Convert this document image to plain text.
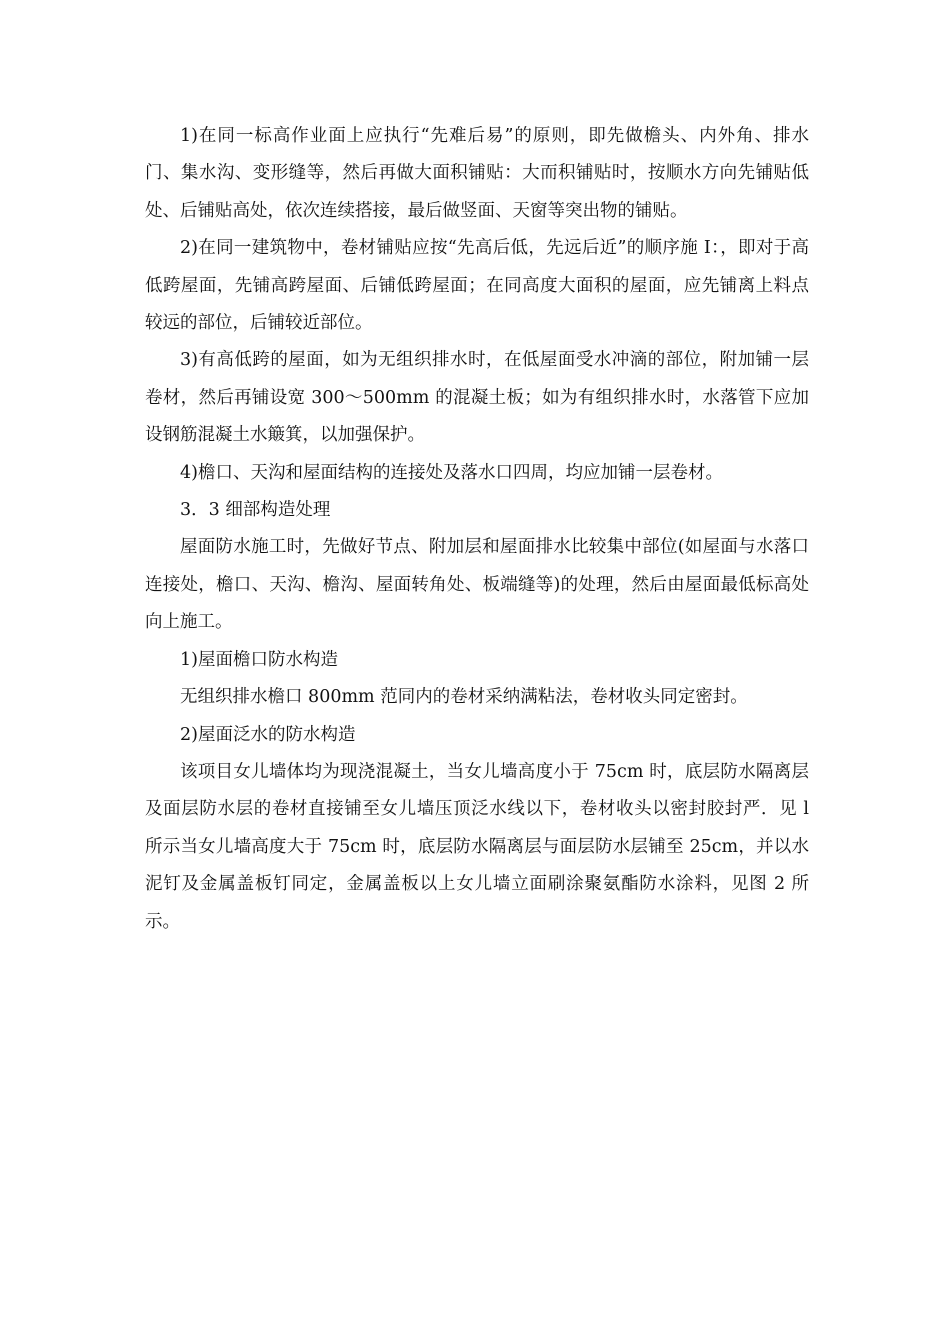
1)在同一标高作业面上应执行“先难后易”的原则，即先做檐头、内外角、排水门、集水沟、变形缝等，然后再做大面积铺贴：大而积铺贴时，按顺水方向先铺贴低处、后铺贴高处，依次连续搭接，最后做竖面、天窗等突出物的铺贴。

2)在同一建筑物中，卷材铺贴应按“先高后低，先远后近”的顺序施 I：，即对于高低跨屋面，先铺高跨屋面、后铺低跨屋面；在同高度大面积的屋面，应先铺离上料点较远的部位，后铺较近部位。

3)有高低跨的屋面，如为无组织排水时，在低屋面受水冲滴的部位，附加铺一层卷材，然后再铺设宽 300～500mm 的混凝土板；如为有组织排水时，水落管下应加设钢筋混凝土水簸箕，以加强保护。

4)檐口、天沟和屋面结构的连接处及落水口四周，均应加铺一层卷材。

3．3 细部构造处理

屋面防水施工时，先做好节点、附加层和屋面排水比较集中部位(如屋面与水落口连接处，檐口、天沟、檐沟、屋面转角处、板端缝等)的处理，然后由屋面最低标高处向上施工。

1)屋面檐口防水构造

无组织排水檐口 800mm 范同内的卷材采纳满粘法，卷材收头同定密封。

2)屋面泛水的防水构造

该项目女儿墙体均为现浇混凝土，当女儿墙高度小于 75cm 时，底层防水隔离层及面层防水层的卷材直接铺至女儿墙压顶泛水线以下，卷材收头以密封胶封严．见 l 所示当女儿墙高度大于 75cm 时，底层防水隔离层与面层防水层铺至 25cm，并以水泥钉及金属盖板钉同定，金属盖板以上女儿墙立面刷涂聚氨酯防水涂料，见图 2 所示。
